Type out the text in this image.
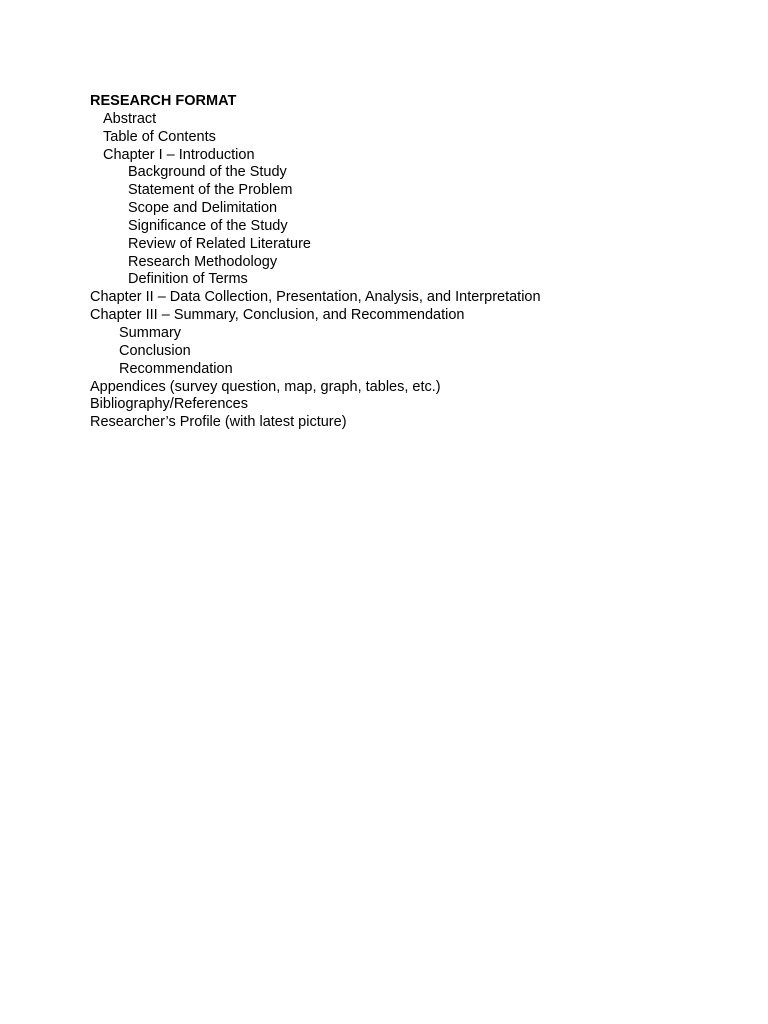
RESEARCH FORMAT
Abstract
Table of Contents
Chapter I – Introduction
Background of the Study
Statement of the Problem
Scope and Delimitation
Significance of the Study
Review of Related Literature
Research Methodology
Definition of Terms
Chapter II – Data Collection, Presentation, Analysis, and Interpretation
Chapter III – Summary, Conclusion, and Recommendation
Summary
Conclusion
Recommendation
Appendices (survey question, map, graph, tables, etc.)
Bibliography/References
Researcher’s Profile (with latest picture)
